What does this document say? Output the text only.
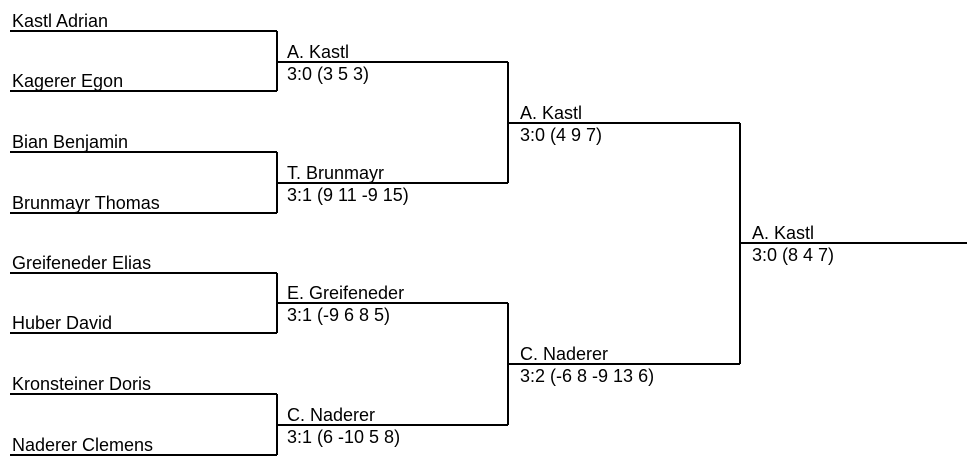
Kastl Adrian
Kagerer Egon
Bian Benjamin
Brunmayr Thomas
Greifeneder Elias
Huber David
Kronsteiner Doris
Naderer Clemens
A. Kastl
3:0 (3 5 3)
T. Brunmayr
3:1 (9 11 -9 15)
E. Greifeneder
3:1 (-9 6 8 5)
C. Naderer
3:1 (6 -10 5 8)
A. Kastl
3:0 (4 9 7)
C. Naderer
3:2 (-6 8 -9 13 6)
A. Kastl
3:0 (8 4 7)
